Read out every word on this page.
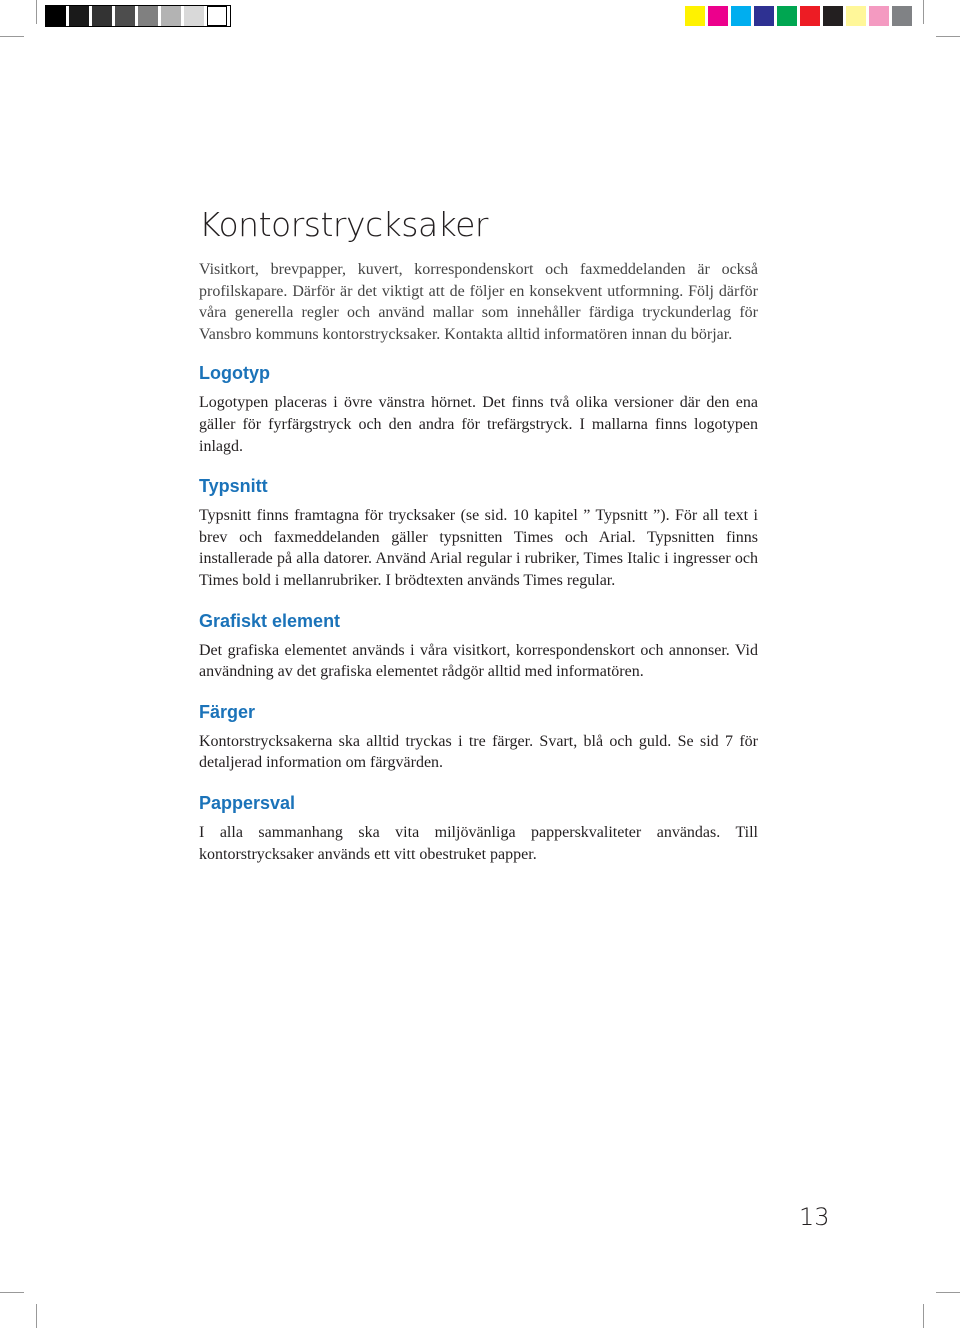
Kontorstrycksaker

Visitkort, brevpapper, kuvert, korrespondenskort och faxmeddelanden är också profilskapare. Därför är det viktigt att de följer en konsekvent utformning. Följ därför våra generella regler och använd mallar som innehåller färdiga tryckunderlag för Vansbro kommuns kontorstrycksaker. Kontakta alltid informatören innan du börjar.

Logotyp

Logotypen placeras i övre vänstra hörnet. Det finns två olika versioner där den ena gäller för fyrfärgstryck och den andra för trefärgstryck. I mallarna finns logotypen inlagd.

Typsnitt

Typsnitt finns framtagna för trycksaker (se sid. 10 kapitel ” Typsnitt ”). För all text i brev och faxmeddelanden gäller typsnitten Times och Arial. Typsnitten finns installerade på alla datorer. Använd Arial regular i rubriker, Times Italic i ingresser och Times bold i mellanrubriker. I brödtexten används Times regular.

Grafiskt element

Det grafiska elementet används i våra visitkort, korrespondenskort och annonser. Vid användning av det grafiska elementet rådgör alltid med informatören.

Färger

Kontorstrycksakerna ska alltid tryckas i tre färger. Svart, blå och guld. Se sid 7 för detaljerad information om färgvärden.

Pappersval

I alla sammanhang ska vita miljövänliga papperskvaliteter användas. Till kontorstrycksaker används ett vitt obestruket papper.

13
